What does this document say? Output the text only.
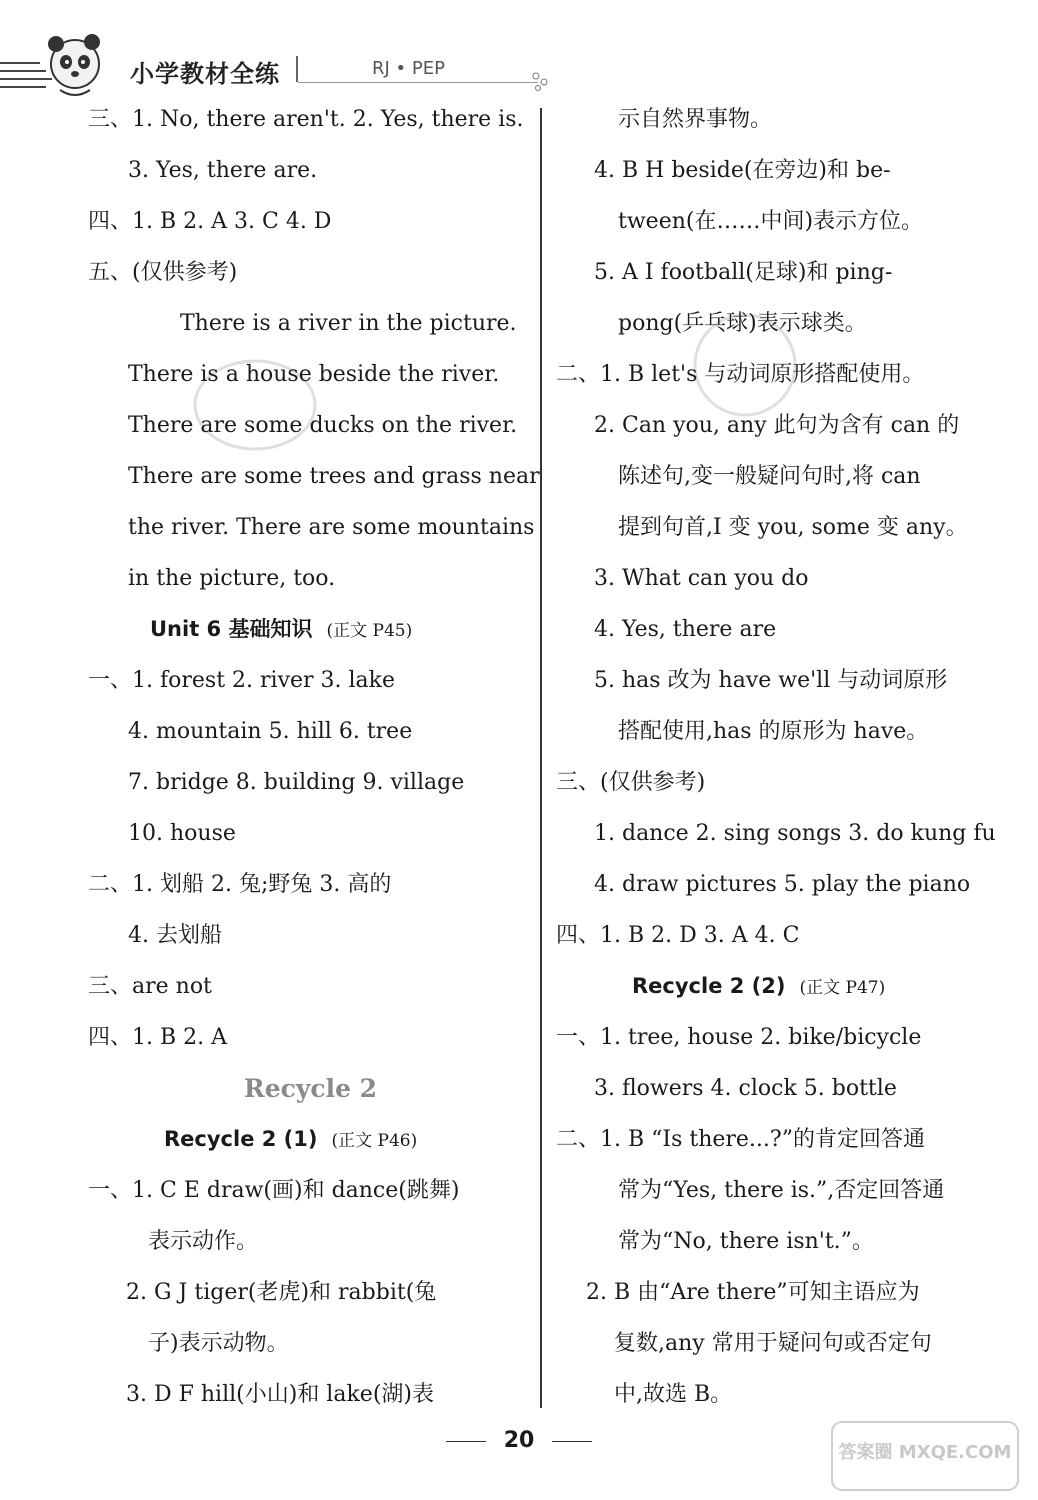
小学教材全练	RJ • PEP
三、1. No, there aren't. 2. Yes, there is.
3. Yes, there are.
四、1. B 2. A 3. C 4. D
五、(仅供参考)
There is a river in the picture.
There is a house beside the river.
There are some ducks on the river.
There are some trees and grass near
the river. There are some mountains
in the picture, too.
Unit 6 基础知识 (正文 P45)
一、1. forest 2. river 3. lake
4. mountain 5. hill 6. tree
7. bridge 8. building 9. village
10. house
二、1. 划船 2. 兔;野兔 3. 高的
4. 去划船
三、are not
四、1. B 2. A
Recycle 2
Recycle 2 (1) (正文 P46)
一、1. C E draw(画)和 dance(跳舞)
表示动作。
2. G J tiger(老虎)和 rabbit(兔
子)表示动物。
3. D F hill(小山)和 lake(湖)表
示自然界事物。
4. B H beside(在旁边)和 be-
tween(在……中间)表示方位。
5. A I football(足球)和 ping-
pong(乒乓球)表示球类。
二、1. B let's 与动词原形搭配使用。
2. Can you, any 此句为含有 can 的
陈述句,变一般疑问句时,将 can
提到句首,I 变 you, some 变 any。
3. What can you do
4. Yes, there are
5. has 改为 have we'll 与动词原形
搭配使用,has 的原形为 have。
三、(仅供参考)
1. dance 2. sing songs 3. do kung fu
4. draw pictures 5. play the piano
四、1. B 2. D 3. A 4. C
Recycle 2 (2) (正文 P47)
一、1. tree, house 2. bike/bicycle
3. flowers 4. clock 5. bottle
二、1. B “Is there...?”的肯定回答通
常为“Yes, there is.”,否定回答通
常为“No, there isn't.”。
2. B 由“Are there”可知主语应为
复数,any 常用于疑问句或否定句
中,故选 B。
20	答案圈 MXQE.COM
